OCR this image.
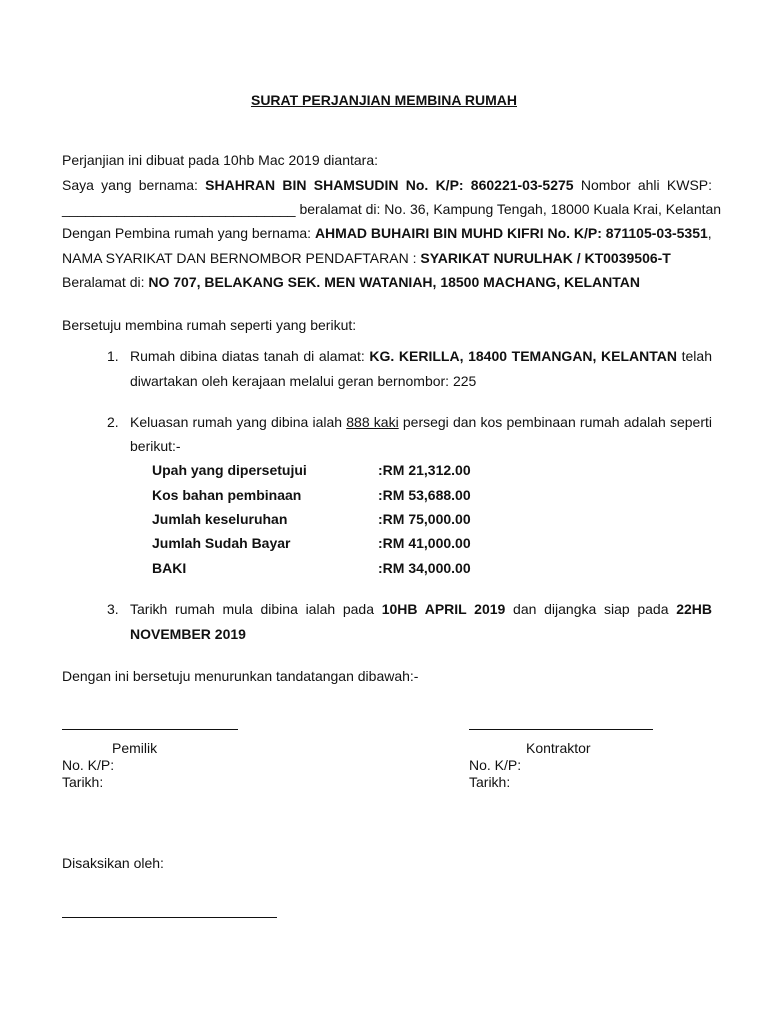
SURAT PERJANJIAN MEMBINA RUMAH
Perjanjian ini dibuat pada 10hb Mac 2019 diantara:
Saya yang bernama: SHAHRAN BIN SHAMSUDIN No. K/P: 860221-03-5275 Nombor ahli KWSP:
______________________________ beralamat di: No. 36, Kampung Tengah, 18000 Kuala Krai, Kelantan
Dengan Pembina rumah yang bernama: AHMAD BUHAIRI BIN MUHD KIFRI No. K/P: 871105-03-5351,
NAMA SYARIKAT DAN BERNOMBOR PENDAFTARAN : SYARIKAT NURULHAK / KT0039506-T
Beralamat di: NO 707, BELAKANG SEK. MEN WATANIAH, 18500 MACHANG, KELANTAN
Bersetuju membina rumah seperti yang berikut:
1. Rumah dibina diatas tanah di alamat: KG. KERILLA, 18400 TEMANGAN, KELANTAN telah
diwartakan oleh kerajaan melalui geran bernombor: 225
2. Keluasan rumah yang dibina ialah 888 kaki persegi dan kos pembinaan rumah adalah seperti
berikut:-
Upah yang dipersetujui	:RM 21,312.00
Kos bahan pembinaan	:RM 53,688.00
Jumlah keseluruhan	:RM 75,000.00
Jumlah Sudah Bayar	:RM 41,000.00
BAKI	:RM 34,000.00
3. Tarikh rumah mula dibina ialah pada 10HB APRIL 2019 dan dijangka siap pada 22HB
NOVEMBER 2019
Dengan ini bersetuju menurunkan tandatangan dibawah:-
Pemilik
No. K/P:
Tarikh:
Kontraktor
No. K/P:
Tarikh:
Disaksikan oleh:
